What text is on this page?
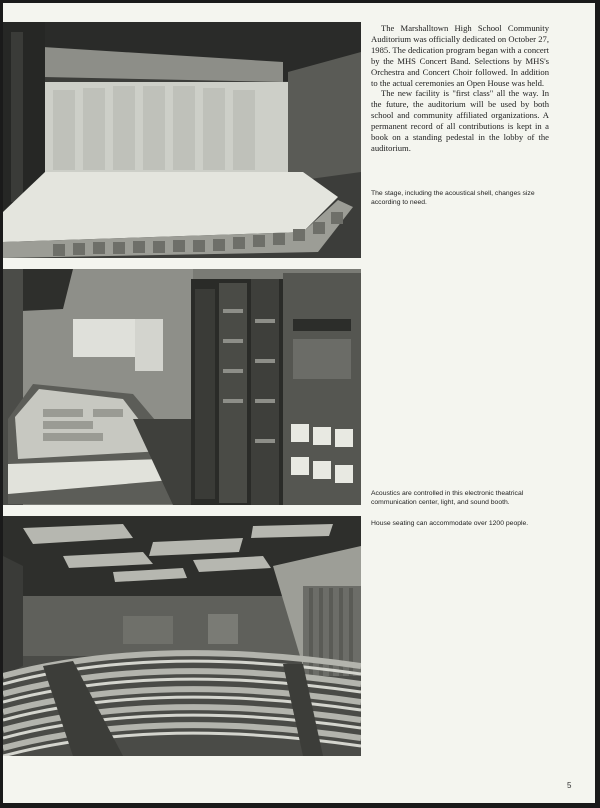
The Marshalltown High School Community Auditorium was officially dedicated on October 27, 1985. The dedication program began with a concert by the MHS Concert Band. Selections by MHS's Orchestra and Concert Choir followed. In addition to the actual ceremonies an Open House was held.

The new facility is "first class" all the way. In the future, the auditorium will be used by both school and community affiliated organizations. A permanent record of all contributions is kept in a book on a standing pedestal in the lobby of the auditorium.

The stage, including the acoustical shell, changes size according to need.
Acoustics are controlled in this electronic theatrical communication center, light, and sound booth.
House seating can accommodate over 1200 people.
5
